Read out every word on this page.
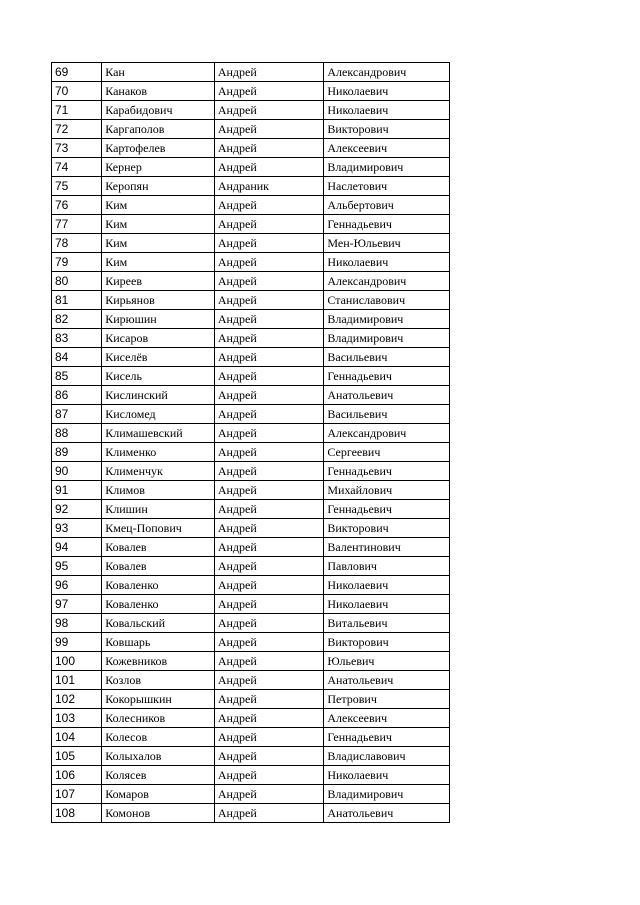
69	Кан	Андрей	Александрович
70	Канаков	Андрей	Николаевич
71	Карабидович	Андрей	Николаевич
72	Каргаполов	Андрей	Викторович
73	Картофелев	Андрей	Алексеевич
74	Кернер	Андрей	Владимирович
75	Керопян	Андраник	Наслетович
76	Ким	Андрей	Альбертович
77	Ким	Андрей	Геннадьевич
78	Ким	Андрей	Мен-Юльевич
79	Ким	Андрей	Николаевич
80	Киреев	Андрей	Александрович
81	Кирьянов	Андрей	Станиславович
82	Кирюшин	Андрей	Владимирович
83	Кисаров	Андрей	Владимирович
84	Киселёв	Андрей	Васильевич
85	Кисель	Андрей	Геннадьевич
86	Кислинский	Андрей	Анатольевич
87	Кисломед	Андрей	Васильевич
88	Климашевский	Андрей	Александрович
89	Клименко	Андрей	Сергеевич
90	Клименчук	Андрей	Геннадьевич
91	Климов	Андрей	Михайлович
92	Клишин	Андрей	Геннадьевич
93	Кмец-Попович	Андрей	Викторович
94	Ковалев	Андрей	Валентинович
95	Ковалев	Андрей	Павлович
96	Коваленко	Андрей	Николаевич
97	Коваленко	Андрей	Николаевич
98	Ковальский	Андрей	Витальевич
99	Ковшарь	Андрей	Викторович
100	Кожевников	Андрей	Юльевич
101	Козлов	Андрей	Анатольевич
102	Кокорышкин	Андрей	Петрович
103	Колесников	Андрей	Алексеевич
104	Колесов	Андрей	Геннадьевич
105	Колыхалов	Андрей	Владиславович
106	Колясев	Андрей	Николаевич
107	Комаров	Андрей	Владимирович
108	Комонов	Андрей	Анатольевич
